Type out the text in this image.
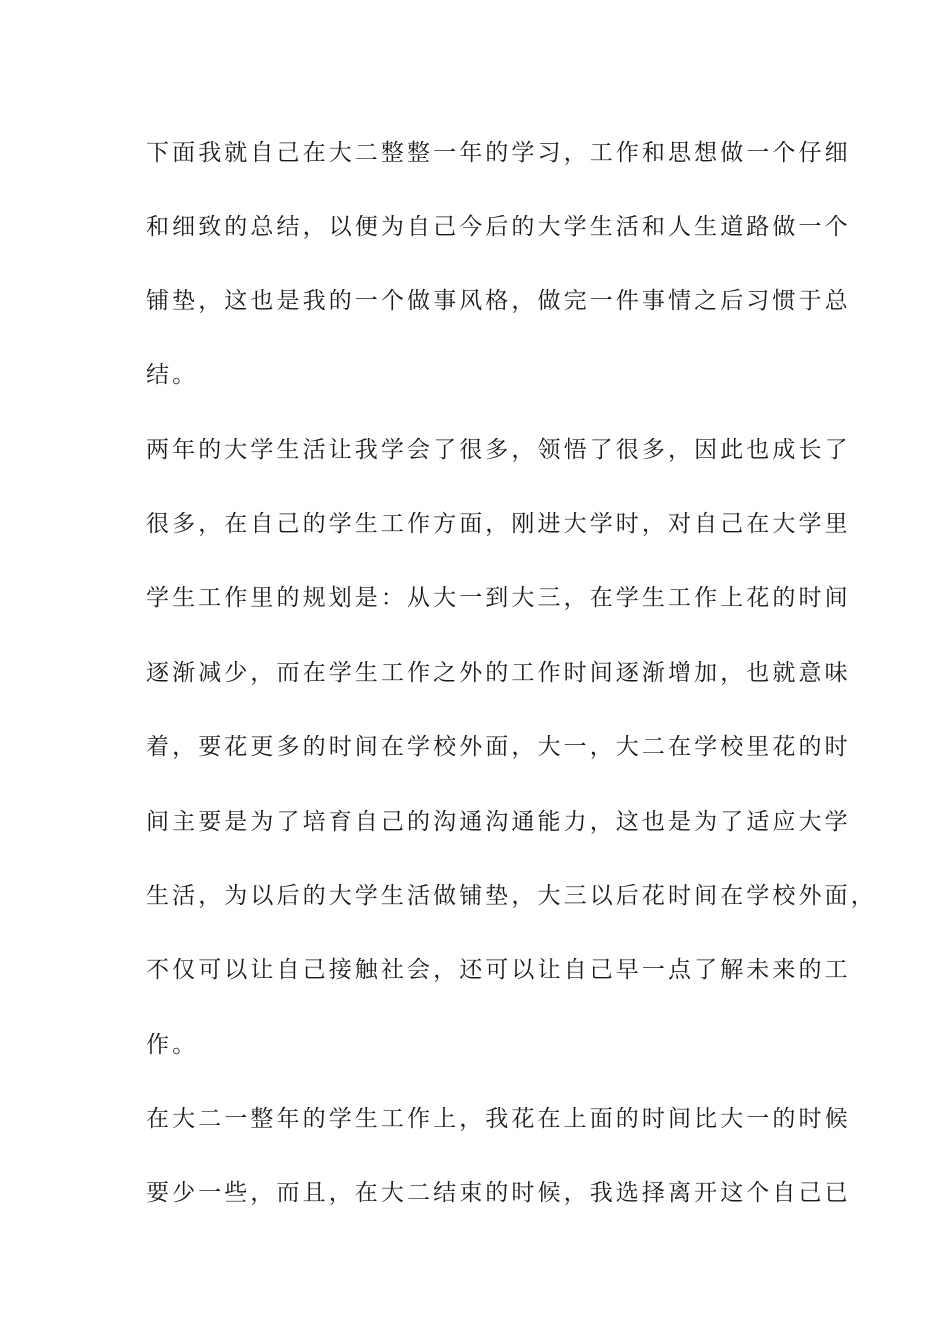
下面我就自己在大二整整一年的学习，工作和思想做一个仔细
和细致的总结，以便为自己今后的大学生活和人生道路做一个
铺垫，这也是我的一个做事风格，做完一件事情之后习惯于总
结。
两年的大学生活让我学会了很多，领悟了很多，因此也成长了
很多，在自己的学生工作方面，刚进大学时，对自己在大学里
学生工作里的规划是：从大一到大三，在学生工作上花的时间
逐渐减少，而在学生工作之外的工作时间逐渐增加，也就意味
着，要花更多的时间在学校外面，大一，大二在学校里花的时
间主要是为了培育自己的沟通沟通能力，这也是为了适应大学
生活，为以后的大学生活做铺垫，大三以后花时间在学校外面，
不仅可以让自己接触社会，还可以让自己早一点了解未来的工
作。
在大二一整年的学生工作上，我花在上面的时间比大一的时候
要少一些，而且，在大二结束的时候，我选择离开这个自己已
